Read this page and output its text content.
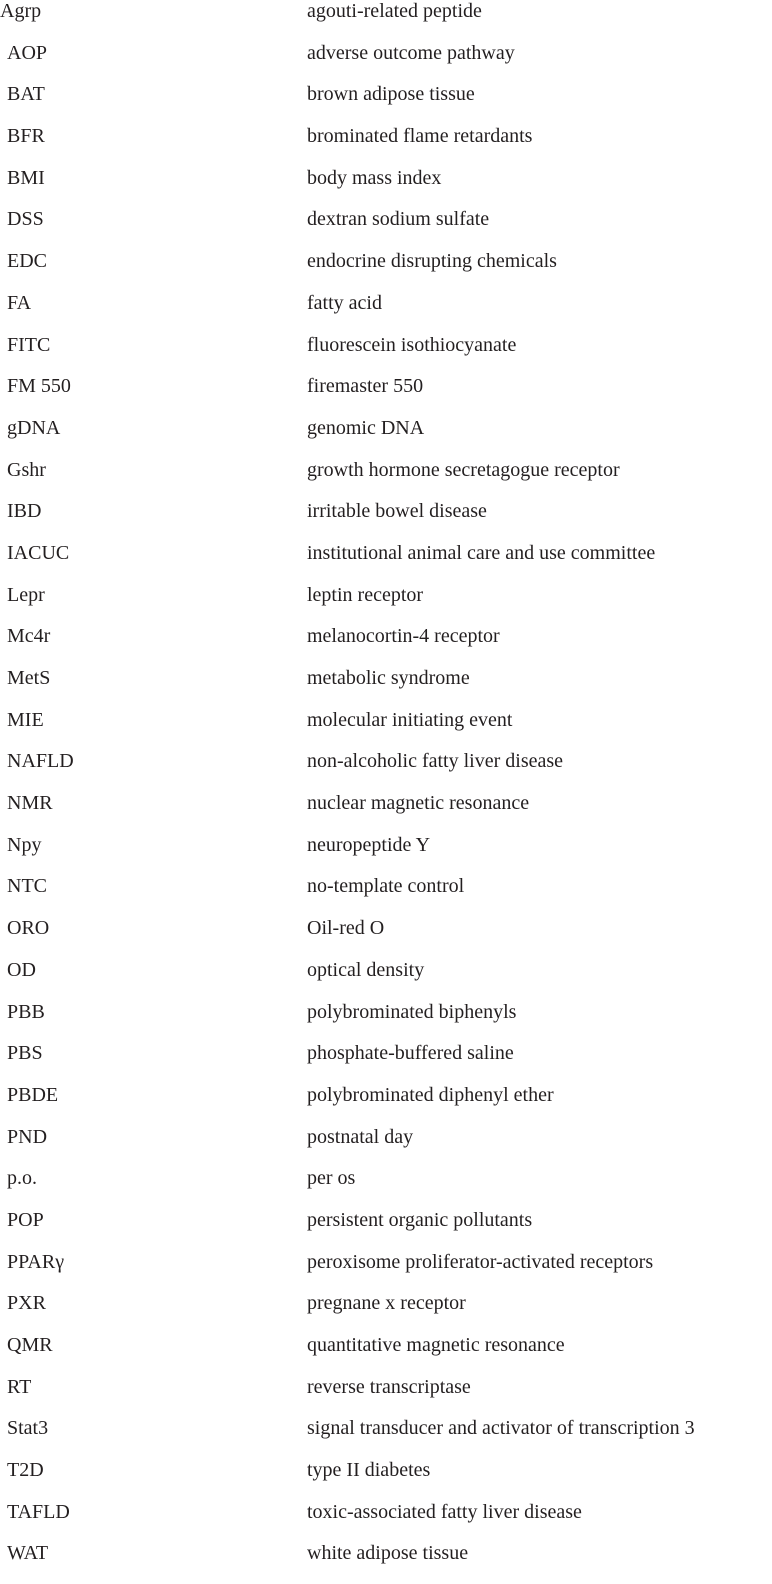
Agrp	agouti-related peptide
AOP	adverse outcome pathway
BAT	brown adipose tissue
BFR	brominated flame retardants
BMI	body mass index
DSS	dextran sodium sulfate
EDC	endocrine disrupting chemicals
FA	fatty acid
FITC	fluorescein isothiocyanate
FM 550	firemaster 550
gDNA	genomic DNA
Gshr	growth hormone secretagogue receptor
IBD	irritable bowel disease
IACUC	institutional animal care and use committee
Lepr	leptin receptor
Mc4r	melanocortin-4 receptor
MetS	metabolic syndrome
MIE	molecular initiating event
NAFLD	non-alcoholic fatty liver disease
NMR	nuclear magnetic resonance
Npy	neuropeptide Y
NTC	no-template control
ORO	Oil-red O
OD	optical density
PBB	polybrominated biphenyls
PBS	phosphate-buffered saline
PBDE	polybrominated diphenyl ether
PND	postnatal day
p.o.	per os
POP	persistent organic pollutants
PPARγ	peroxisome proliferator-activated receptors
PXR	pregnane x receptor
QMR	quantitative magnetic resonance
RT	reverse transcriptase
Stat3	signal transducer and activator of transcription 3
T2D	type II diabetes
TAFLD	toxic-associated fatty liver disease
WAT	white adipose tissue
